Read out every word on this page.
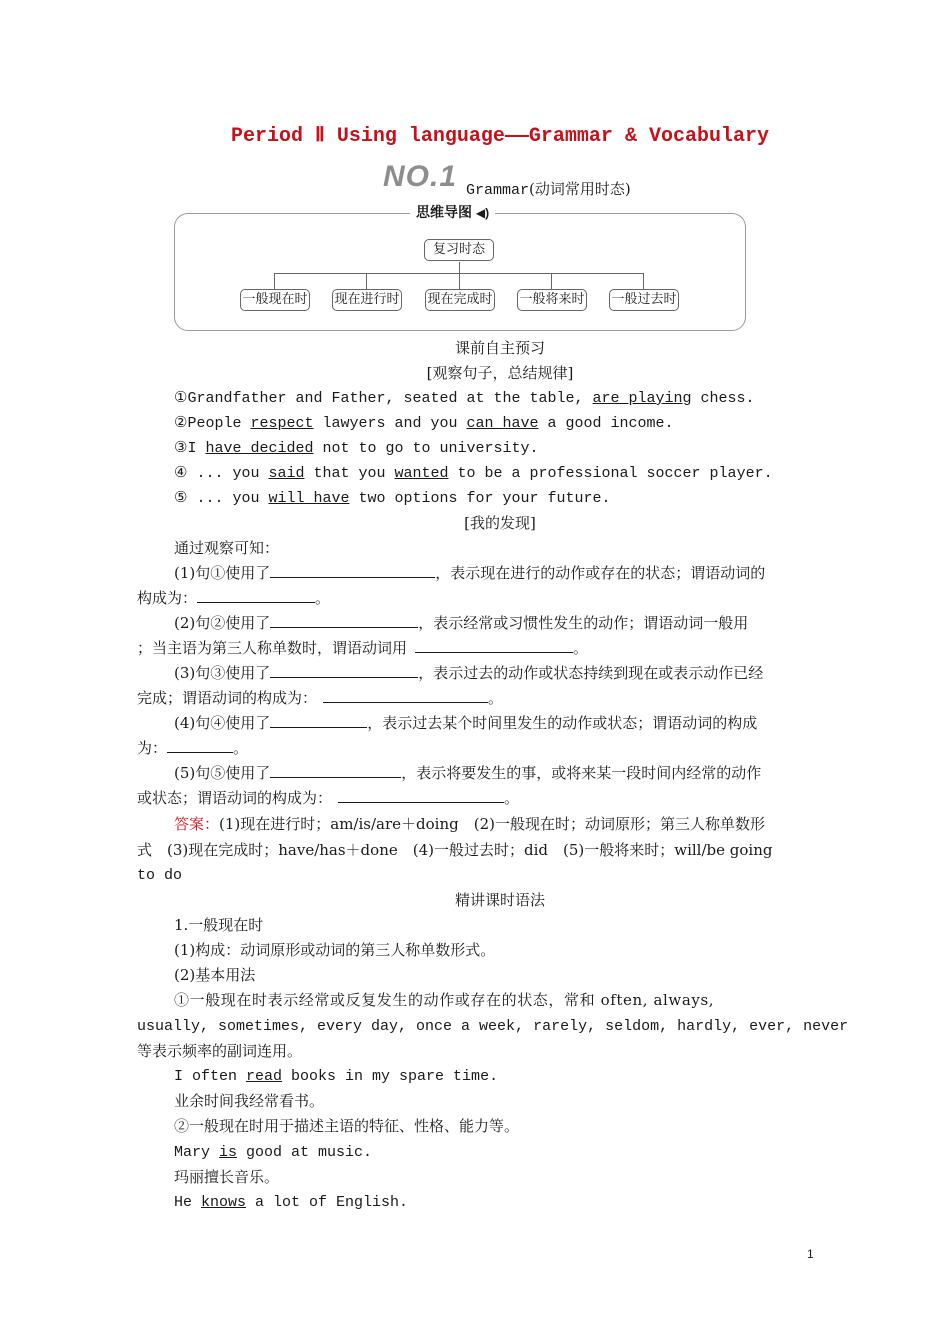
Period Ⅱ Using language——Grammar & Vocabulary
NO.1 Grammar(动词常用时态)
思维导图 ◀)
复习时态
一般现在时 现在进行时 现在完成时 一般将来时 一般过去时
课前自主预习
[观察句子，总结规律]
①Grandfather and Father, seated at the table, are playing chess.
②People respect lawyers and you can have a good income.
③I have decided not to go to university.
④ ... you said that you wanted to be a professional soccer player.
⑤ ... you will have two options for your future.
[我的发现]
通过观察可知：
(1)句①使用了	，表示现在进行的动作或存在的状态；谓语动词的
构成为：	。
(2)句②使用了	，表示经常或习惯性发生的动作；谓语动词一般用
；当主语为第三人称单数时，谓语动词用	。
(3)句③使用了	，表示过去的动作或状态持续到现在或表示动作已经
完成；谓语动词的构成为：	。
(4)句④使用了	，表示过去某个时间里发生的动作或状态；谓语动词的构成
为：	。
(5)句⑤使用了	，表示将要发生的事，或将来某一段时间内经常的动作
或状态；谓语动词的构成为：	。
答案：(1)现在进行时；am/is/are＋doing　(2)一般现在时；动词原形；第三人称单数形
式　(3)现在完成时；have/has＋done　(4)一般过去时；did　(5)一般将来时；will/be going
to do
精讲课时语法
1.一般现在时
(1)构成：动词原形或动词的第三人称单数形式。
(2)基本用法
①一般现在时表示经常或反复发生的动作或存在的状态，常和 often, always,
usually, sometimes, every day, once a week, rarely, seldom, hardly, ever, never
等表示频率的副词连用。
I often read books in my spare time.
业余时间我经常看书。
②一般现在时用于描述主语的特征、性格、能力等。
Mary is good at music.
玛丽擅长音乐。
He knows a lot of English.
1
